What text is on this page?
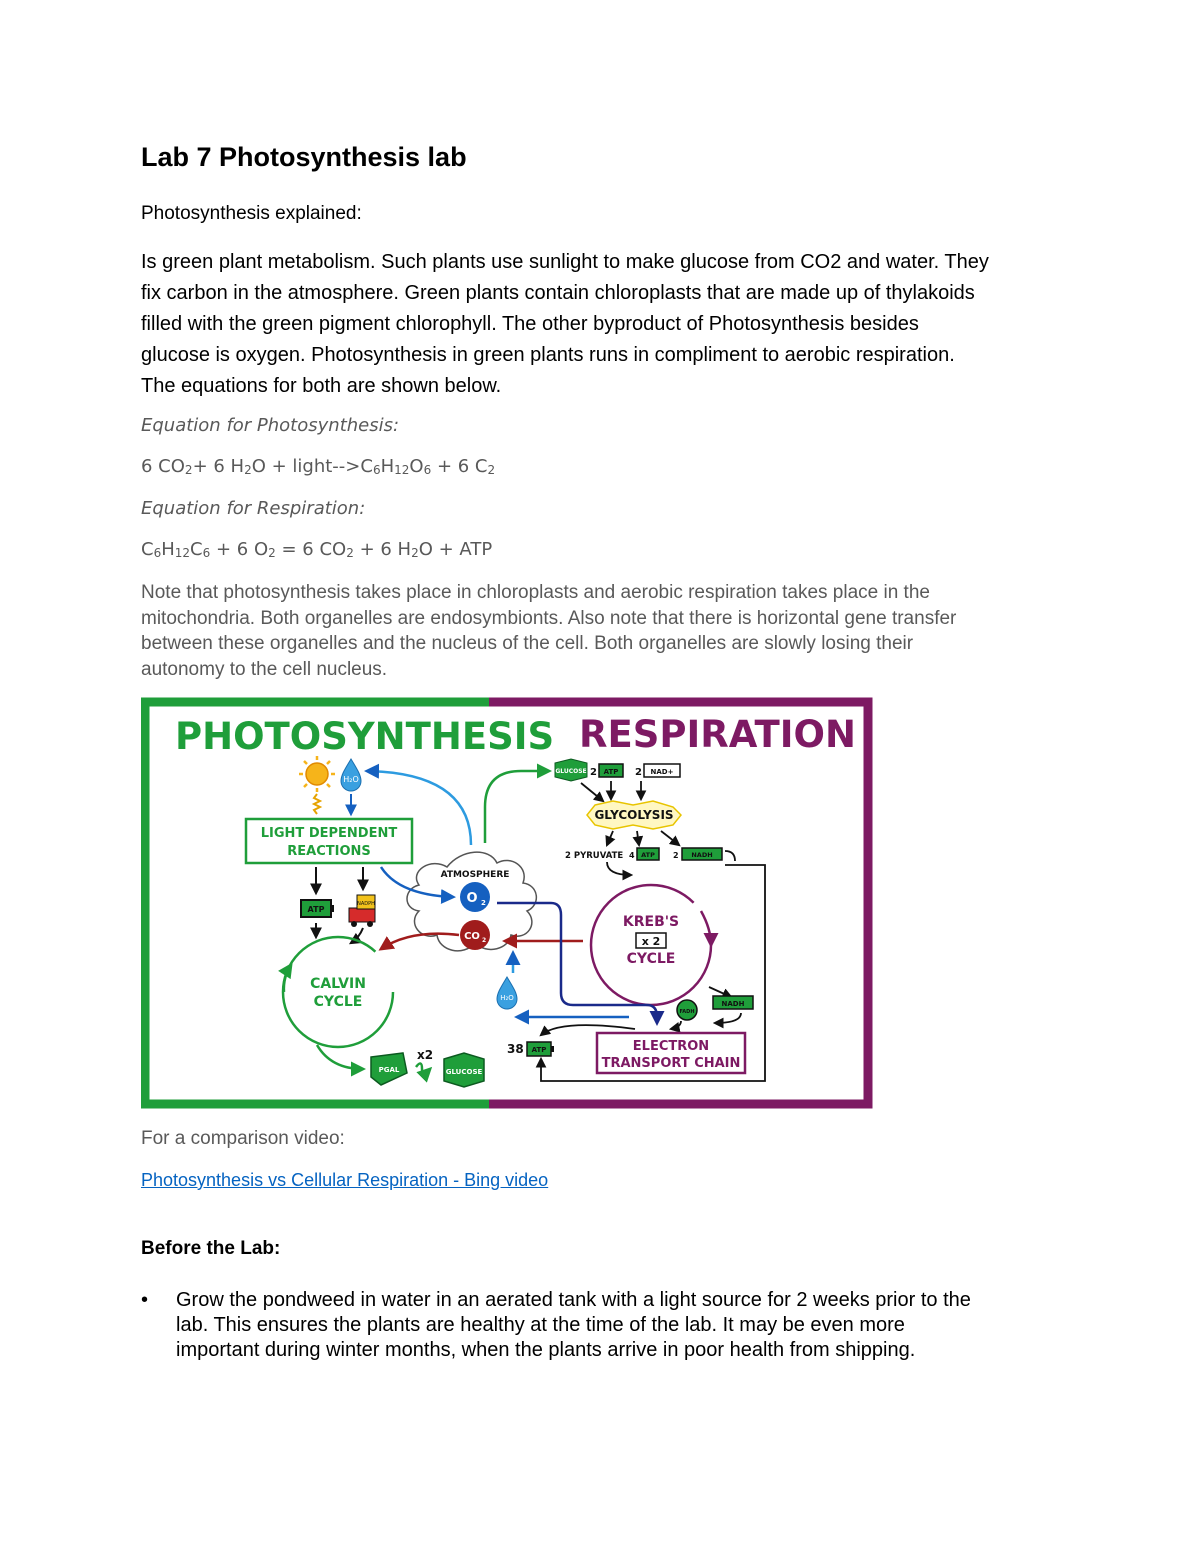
Lab 7 Photosynthesis lab

Photosynthesis explained:

Is green plant metabolism. Such plants use sunlight to make glucose from CO2 and water. They
fix carbon in the atmosphere. Green plants contain chloroplasts that are made up of thylakoids
filled with the green pigment chlorophyll. The other byproduct of Photosynthesis besides
glucose is oxygen. Photosynthesis in green plants runs in compliment to aerobic respiration.
The equations for both are shown below.

Equation for Photosynthesis:

6 $CO_2+ 6$ $H_2O$ + light-$->C_6H_{12}O_6 + 6$ $C_2$

Equation for Respiration:

$C_6H_{12}C_6 + 6$ $O_2 = 6$ $CO_2 + 6$ $H_2O$ + ATP

Note that photosynthesis takes place in chloroplasts and aerobic respiration takes place in the
mitochondria. Both organelles are endosymbionts. Also note that there is horizontal gene transfer
between these organelles and the nucleus of the cell. Both organelles are slowly losing their
autonomy to the cell nucleus.
PHOTOSYNTHESIS RESPIRATION
H₂O
LIGHT DEPENDENT
REACTIONS
ATP
NADPH
CALVIN
CYCLE
PGAL
x2
GLUCOSE
ATMOSPHERE
O 2
CO 2
GLUCOSE 2 ATP 2 NAD+
GLYCOLYSIS
2 PYRUVATE 4 ATP 2 NADH
KREB'S
x 2
CYCLE
FADH
NADH
H₂O
ELECTRON
TRANSPORT CHAIN
38 ATP

For a comparison video:

Photosynthesis vs Cellular Respiration - Bing video

Before the Lab:

• Grow the pondweed in water in an aerated tank with a light source for 2 weeks prior to the
lab. This ensures the plants are healthy at the time of the lab. It may be even more
important during winter months, when the plants arrive in poor health from shipping.
